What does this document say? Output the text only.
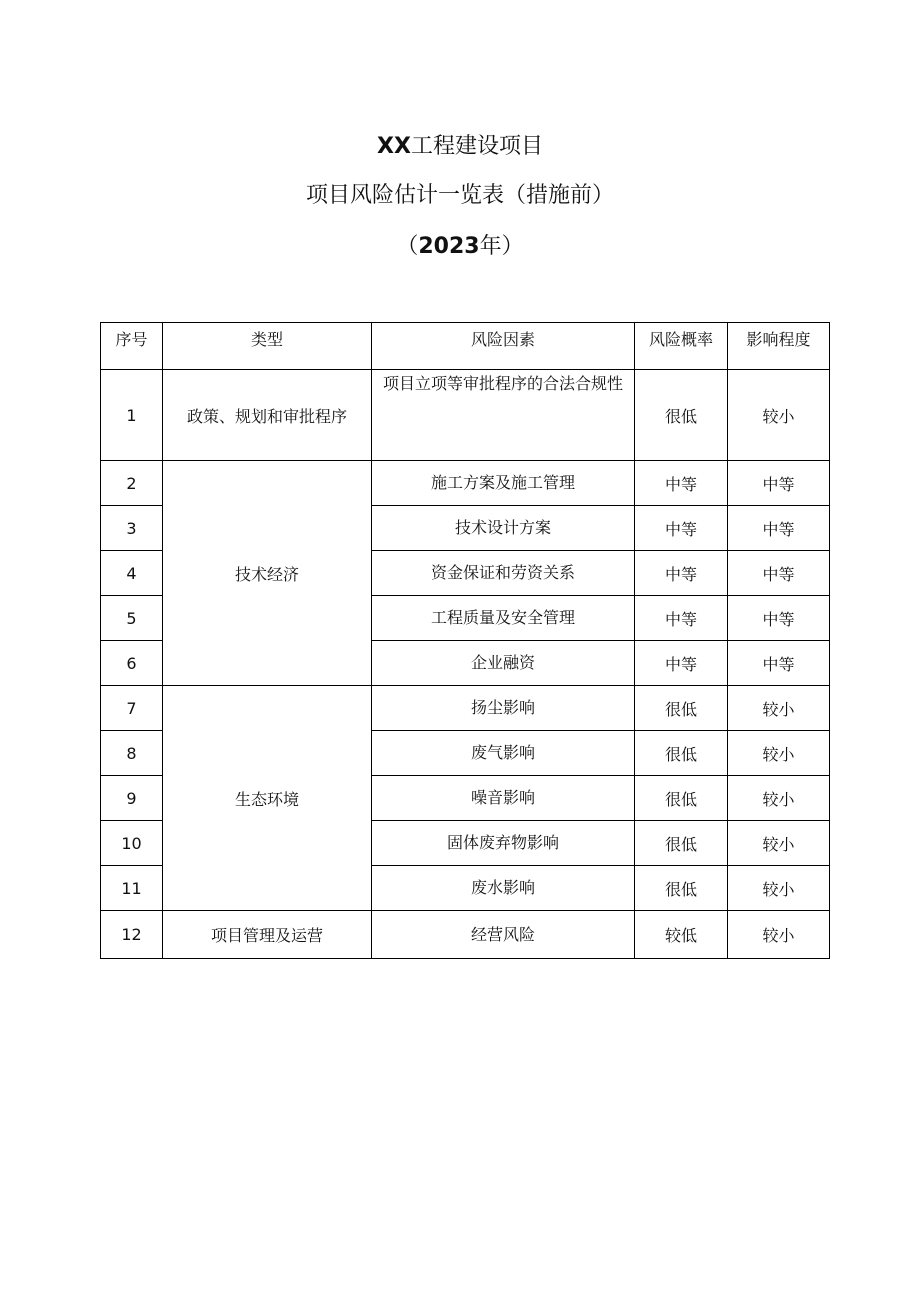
XX工程建设项目
项目风险估计一览表（措施前）
（2023年）
序号	类型	风险因素	风险概率	影响程度
1	政策、规划和审批程序	项目立项等审批程序的合法合规性	很低	较小
2	技术经济	施工方案及施工管理	中等	中等
3		技术设计方案	中等	中等
4		资金保证和劳资关系	中等	中等
5		工程质量及安全管理	中等	中等
6		企业融资	中等	中等
7	生态环境	扬尘影响	很低	较小
8		废气影响	很低	较小
9		噪音影响	很低	较小
10		固体废弃物影响	很低	较小
11		废水影响	很低	较小
12	项目管理及运营	经营风险	较低	较小
